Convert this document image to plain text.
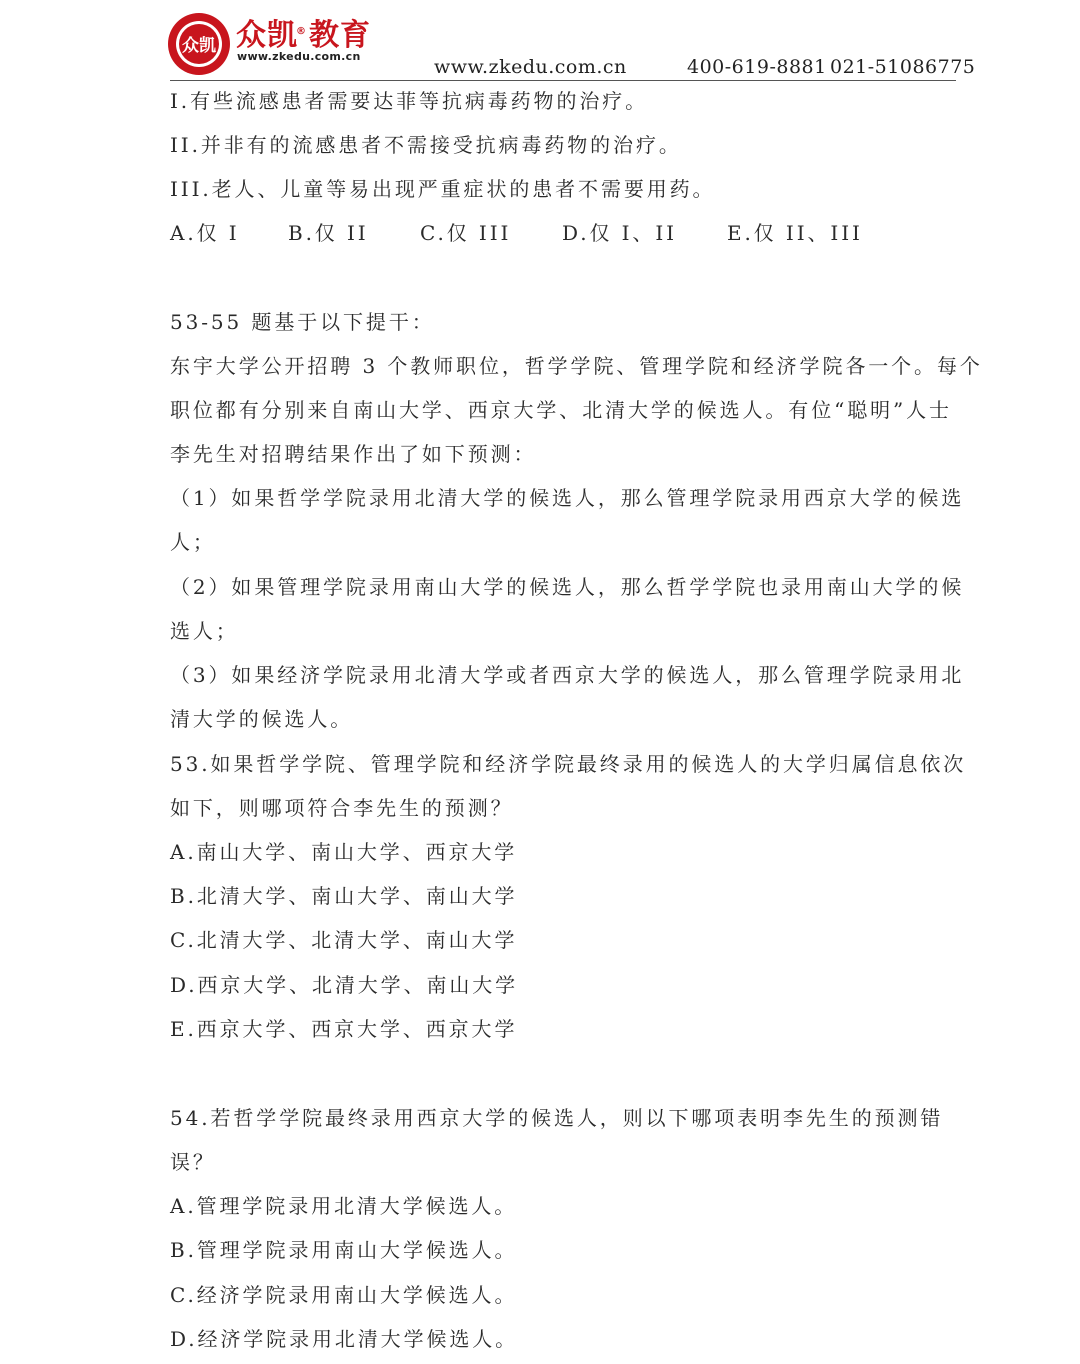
众凯 众凯®教育
www.zkedu.com.cn	www.zkedu.com.cn	400-619-8881 021-51086775
I.有些流感患者需要达菲等抗病毒药物的治疗。
II.并非有的流感患者不需接受抗病毒药物的治疗。
III.老人、儿童等易出现严重症状的患者不需要用药。
A.仅 I B.仅 II	C.仅 III	D.仅 I、II	E.仅 II、III
53-55 题基于以下提干：
东宇大学公开招聘 3 个教师职位，哲学学院、管理学院和经济学院各一个。每个
职位都有分别来自南山大学、西京大学、北清大学的候选人。有位“聪明”人士
李先生对招聘结果作出了如下预测：
（1）如果哲学学院录用北清大学的候选人，那么管理学院录用西京大学的候选
人；
（2）如果管理学院录用南山大学的候选人，那么哲学学院也录用南山大学的候
选人；
（3）如果经济学院录用北清大学或者西京大学的候选人，那么管理学院录用北
清大学的候选人。
53.如果哲学学院、管理学院和经济学院最终录用的候选人的大学归属信息依次
如下，则哪项符合李先生的预测？
A.南山大学、南山大学、西京大学
B.北清大学、南山大学、南山大学
C.北清大学、北清大学、南山大学
D.西京大学、北清大学、南山大学
E.西京大学、西京大学、西京大学
54.若哲学学院最终录用西京大学的候选人，则以下哪项表明李先生的预测错
误？
A.管理学院录用北清大学候选人。
B.管理学院录用南山大学候选人。
C.经济学院录用南山大学候选人。
D.经济学院录用北清大学候选人。
